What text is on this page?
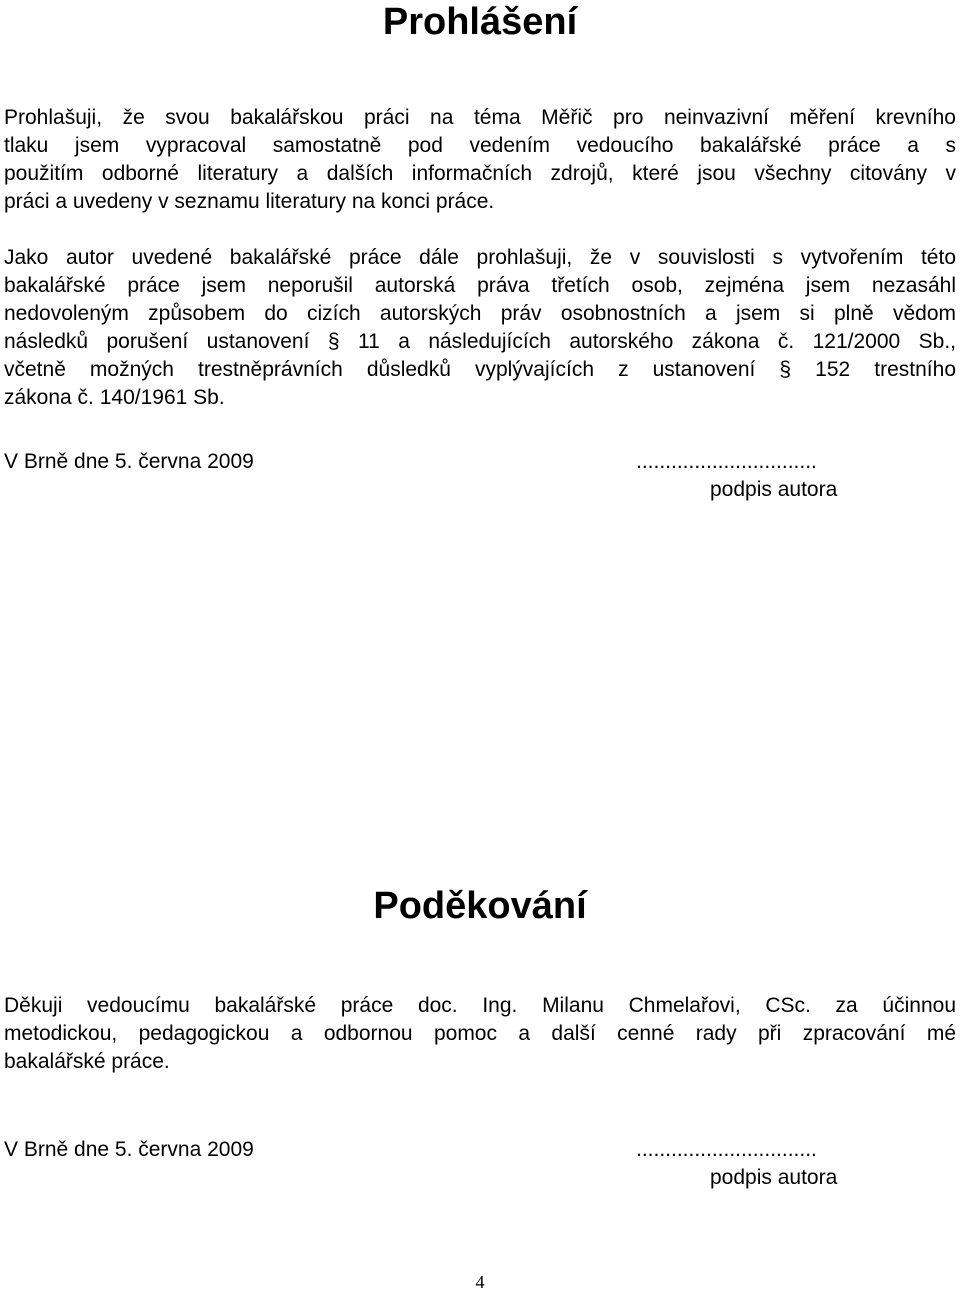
Prohlášení

Prohlašuji, že svou bakalářskou práci na téma Měřič pro neinvazivní měření krevního
tlaku jsem vypracoval samostatně pod vedením vedoucího bakalářské práce a s
použitím odborné literatury a dalších informačních zdrojů, které jsou všechny citovány v
práci a uvedeny v seznamu literatury na konci práce.

Jako autor uvedené bakalářské práce dále prohlašuji, že v souvislosti s vytvořením této
bakalářské práce jsem neporušil autorská práva třetích osob, zejména jsem nezasáhl
nedovoleným způsobem do cizích autorských práv osobnostních a jsem si plně vědom
následků porušení ustanovení § 11 a následujících autorského zákona č. 121/2000 Sb.,
včetně možných trestněprávních důsledků vyplývajících z ustanovení § 152 trestního
zákona č. 140/1961 Sb.

V Brně dne 5. června 2009	...............................
podpis autora
Poděkování

Děkuji vedoucímu bakalářské práce doc. Ing. Milanu Chmelařovi, CSc. za účinnou
metodickou, pedagogickou a odbornou pomoc a další cenné rady při zpracování mé
bakalářské práce.

V Brně dne 5. června 2009	...............................
podpis autora
4
